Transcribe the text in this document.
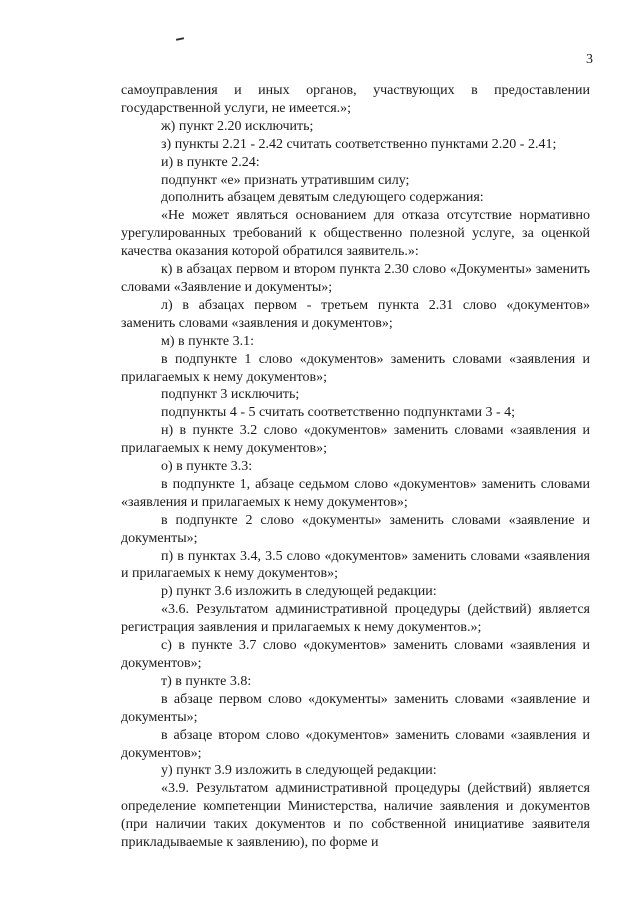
3

самоуправления и иных органов, участвующих в предоставлении государственной услуги, не имеется.»;

ж) пункт 2.20 исключить;

з) пункты 2.21 - 2.42 считать соответственно пунктами 2.20 - 2.41;

и) в пункте 2.24:

подпункт «е» признать утратившим силу;

дополнить абзацем девятым следующего содержания:

«Не может являться основанием для отказа отсутствие нормативно урегулированных требований к общественно полезной услуге, за оценкой качества оказания которой обратился заявитель.»:

к) в абзацах первом и втором пункта 2.30 слово «Документы» заменить словами «Заявление и документы»;

л) в абзацах первом - третьем пункта 2.31 слово «документов» заменить словами «заявления и документов»;

м) в пункте 3.1:

в подпункте 1 слово «документов» заменить словами «заявления и прилагаемых к нему документов»;

подпункт 3 исключить;

подпункты 4 - 5 считать соответственно подпунктами 3 - 4;

н) в пункте 3.2 слово «документов» заменить словами «заявления и прилагаемых к нему документов»;

о) в пункте 3.3:

в подпункте 1, абзаце седьмом слово «документов» заменить словами «заявления и прилагаемых к нему документов»;

в подпункте 2 слово «документы» заменить словами «заявление и документы»;

п) в пунктах 3.4, 3.5 слово «документов» заменить словами «заявления и прилагаемых к нему документов»;

р) пункт 3.6 изложить в следующей редакции:

«3.6. Результатом административной процедуры (действий) является регистрация заявления и прилагаемых к нему документов.»;

с) в пункте 3.7 слово «документов» заменить словами «заявления и документов»;

т) в пункте 3.8:

в абзаце первом слово «документы» заменить словами «заявление и документы»;

в абзаце втором слово «документов» заменить словами «заявления и документов»;

у) пункт 3.9 изложить в следующей редакции:

«3.9. Результатом административной процедуры (действий) является определение компетенции Министерства, наличие заявления и документов (при наличии таких документов и по собственной инициативе заявителя прикладываемые к заявлению), по форме и
